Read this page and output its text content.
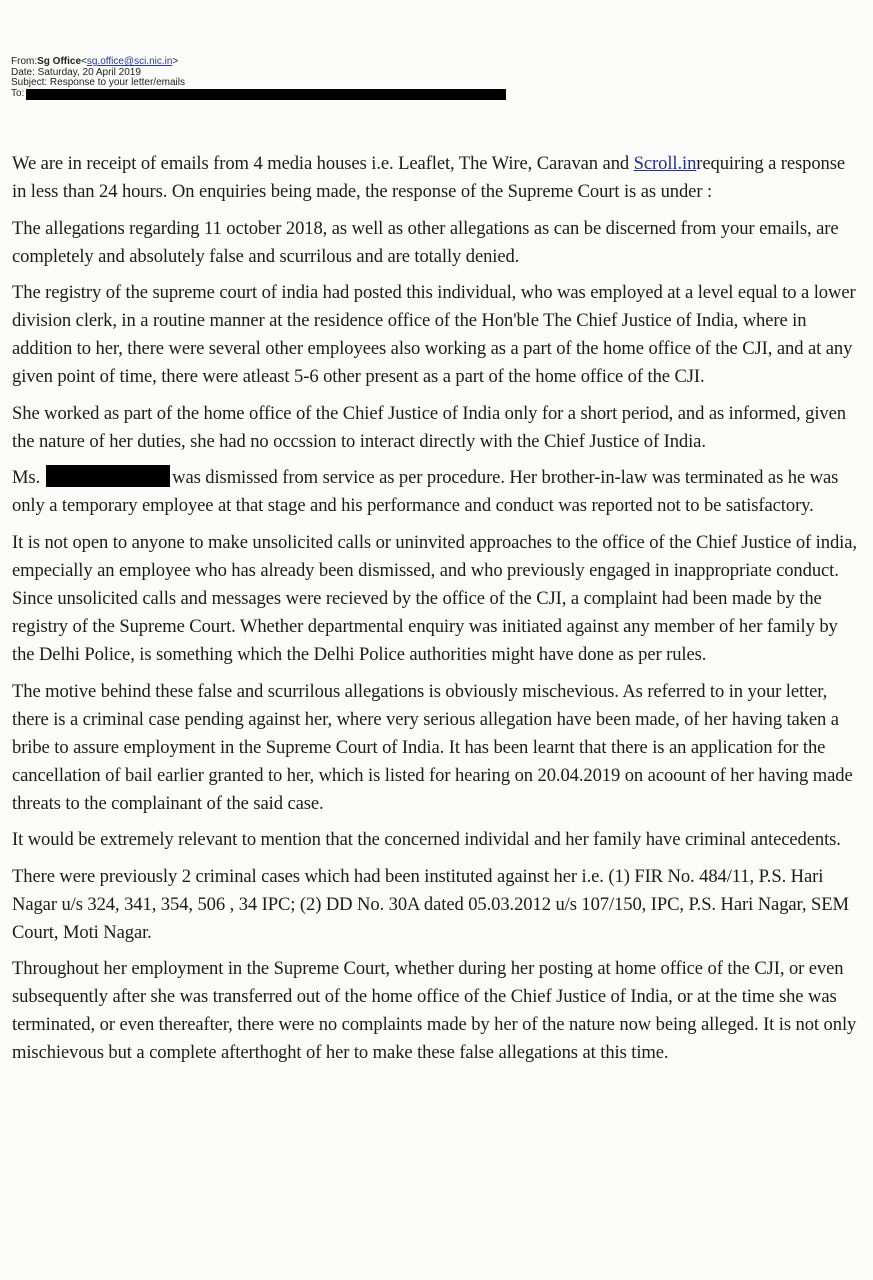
From: Sg Office < sg.office@sci.nic.in >
Date: Saturday, 20 April 2019
Subject: Response to your letter/emails
To:

We are in receipt of emails from 4 media houses i.e. Leaflet, The Wire, Caravan and Scroll.inrequiring a response in less than 24 hours. On enquiries being made, the response of the Supreme Court is as under :

The allegations regarding 11 october 2018, as well as other allegations as can be discerned from your emails, are completely and absolutely false and scurrilous and are totally denied.

The registry of the supreme court of india had posted this individual, who was employed at a level equal to a lower division clerk, in a routine manner at the residence office of the Hon'ble The Chief Justice of India, where in addition to her, there were several other employees also working as a part of the home office of the CJI, and at any given point of time, there were atleast 5-6 other present as a part of the home office of the CJI.

She worked as part of the home office of the Chief Justice of India only for a short period, and as informed, given the nature of her duties, she had no occssion to interact directly with the Chief Justice of India.

Ms.	was dismissed from service as per procedure. Her brother-in-law was terminated as he was only a temporary employee at that stage and his performance and conduct was reported not to be satisfactory.

It is not open to anyone to make unsolicited calls or uninvited approaches to the office of the Chief Justice of india, empecially an employee who has already been dismissed, and who previously engaged in inappropriate conduct. Since unsolicited calls and messages were recieved by the office of the CJI, a complaint had been made by the registry of the Supreme Court. Whether departmental enquiry was initiated against any member of her family by the Delhi Police, is something which the Delhi Police authorities might have done as per rules.

The motive behind these false and scurrilous allegations is obviously mischevious. As referred to in your letter, there is a criminal case pending against her, where very serious allegation have been made, of her having taken a bribe to assure employment in the Supreme Court of India. It has been learnt that there is an application for the cancellation of bail earlier granted to her, which is listed for hearing on 20.04.2019 on acoount of her having made threats to the complainant of the said case.

It would be extremely relevant to mention that the concerned individal and her family have criminal antecedents.

There were previously 2 criminal cases which had been instituted against her i.e. (1) FIR No. 484/11, P.S. Hari Nagar u/s 324, 341, 354, 506 , 34 IPC; (2) DD No. 30A dated 05.03.2012 u/s 107/150, IPC, P.S. Hari Nagar, SEM Court, Moti Nagar.

Throughout her employment in the Supreme Court, whether during her posting at home office of the CJI, or even subsequently after she was transferred out of the home office of the Chief Justice of India, or at the time she was terminated, or even thereafter, there were no complaints made by her of the nature now being alleged. It is not only mischievous but a complete afterthoght of her to make these false allegations at this time.
